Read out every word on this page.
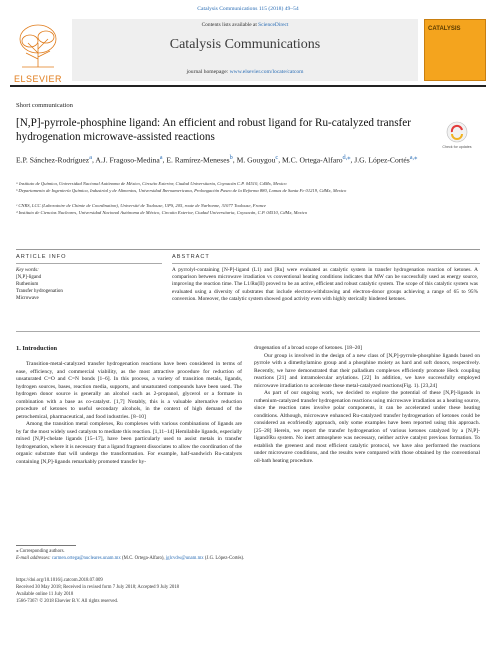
Catalysis Communications 115 (2018) 49–54
Contents lists available at ScienceDirect
Catalysis Communications
journal homepage: www.elsevier.com/locate/catcom
ELSEVIER
CATALYSIS
Short communication
[N,P]-pyrrole-phosphine ligand: An efficient and robust ligand for Ru-catalyzed transfer hydrogenation microwave-assisted reactions
Check for updates
E.P. Sánchez-Rodríguez$^a$, A.J. Fragoso-Medina$^a$, E. Ramírez-Meneses$^b$, M. Gouygou$^c$, M.C. Ortega-Alfaro$^{d,⁎}$, J.G. López-Cortés$^{a,⁎}$
ᵃ Instituto de Química, Universidad Nacional Autónoma de México, Circuito Exterior, Ciudad Universitaria, Coyoacán C.P. 04510, CdMx, Mexico
ᵇ Departamento de Ingeniería Química, Industrial y de Alimentos, Universidad Iberoamericana, Prolongación Paseo de la Reforma 880, Lomas de Santa Fe 01219, CdMx, Mexico
ᶜ CNRS, LCC (Laboratoire de Chimie de Coordination), Université de Toulouse, UPS, 205, route de Narbonne, 31077 Toulouse, France
ᵈ Instituto de Ciencias Nucleares, Universidad Nacional Autónoma de México, Circuito Exterior, Ciudad Universitaria, Coyoacán, C.P. 04510, CdMx, Mexico
ARTICLE INFO	ABSTRACT
Key words:
[N,P]-ligand
Ruthenium
Transfer hydrogenation
Microwave
A pyrrolyl-containing [N-P]-ligand (L1) and [Ru] were evaluated as catalytic system in transfer hydrogenation reaction of ketones. A comparison between microwave irradiation vs conventional heating conditions indicates that MW can be successfully used as energy source, improving the reaction time. The L1/Ru(II) proved to be an active, efficient and robust catalytic system. The scope of this catalytic system was evaluated using a diversity of substrates that include electron-withdrawing and electron-donor groups achieving a range of 65 to 95% conversion. Moreover, the catalytic system showed good activity even with highly sterically hindered ketones.
1. Introduction

Transition-metal-catalyzed transfer hydrogenation reactions have been considered in terms of ease, efficiency, and commercial viability, as the most attractive procedure for reduction of unsaturated C=O and C=N bonds [1–6]. In this process, a variety of transition metals, ligands, hydrogen sources, bases, reaction media, supports, and unsaturated compounds have been used. The hydrogen donor source is generally an alcohol such as 2-propanol, glycerol or a formate in combination with a base as co-catalyst. [1,7] Notably, this is a valuable alternative reduction procedure of ketones to useful secondary alcohols, in the context of high demand of the petrochemical, pharmaceutical, and food industries. [8–10]

Among the transition metal complexes, Ru complexes with various combinations of ligands are by far the most widely used catalysts to mediate this reaction. [1,11–14] Hemilabile ligands, especially mixed [N,P]-chelate ligands [15–17], have been particularly used to assist metals in transfer hydrogenation, where it is necessary that a ligand fragment dissociates to allow the coordination of the organic substrate that will undergo the transformation. For example, half-sandwich Ru-catalysts containing [N,P]-ligands remarkably promoted transfer hy-

drogenation of a broad scope of ketones. [18–20]

Our group is involved in the design of a new class of [N,P]-pyrrole-phosphine ligands based on pyrrole with a dimethylamino group and a phosphine moiety as hard and soft donors, respectively. Recently, we have demonstrated that their palladium complexes efficiently promote Heck coupling reactions [21] and intramolecular arylations. [22] In addition, we have successfully employed microwave irradiation to accelerate these metal-catalyzed reactions(Fig. 1). [23,24]

As part of our ongoing work, we decided to explore the potential of these [N,P]-ligands in ruthenium-catalyzed transfer hydrogenation reactions using microwave irradiation as a heating source, since the reaction rates involve polar components, it can be accelerated under these heating conditions. Although, microwave enhanced Ru-catalyzed transfer hydrogenation of ketones could be considered an ecofriendly approach, only some examples have been reported using this approach. [25–28] Herein, we report the transfer hydrogenation of various ketones catalyzed by a [N,P]-ligand/Ru system. No inert atmosphere was necessary, neither active catalyst previous formation. To establish the greenest and most efficient catalytic protocol, we have also performed the reactions under microwave conditions, and the results were compared with those obtained by the conventional oil-bath heating procedure.

⁎ Corresponding authors.
E-mail addresses: carmen.ortega@nucleares.unam.mx (M.C. Ortega-Alfaro), jglcvdw@unam.mx (J.G. López-Cortés).
https://doi.org/10.1016/j.catcom.2018.07.009
Received 30 May 2018; Received in revised form 7 July 2018; Accepted 9 July 2018
Available online 11 July 2018
1566-7367/ © 2018 Elsevier B.V. All rights reserved.
